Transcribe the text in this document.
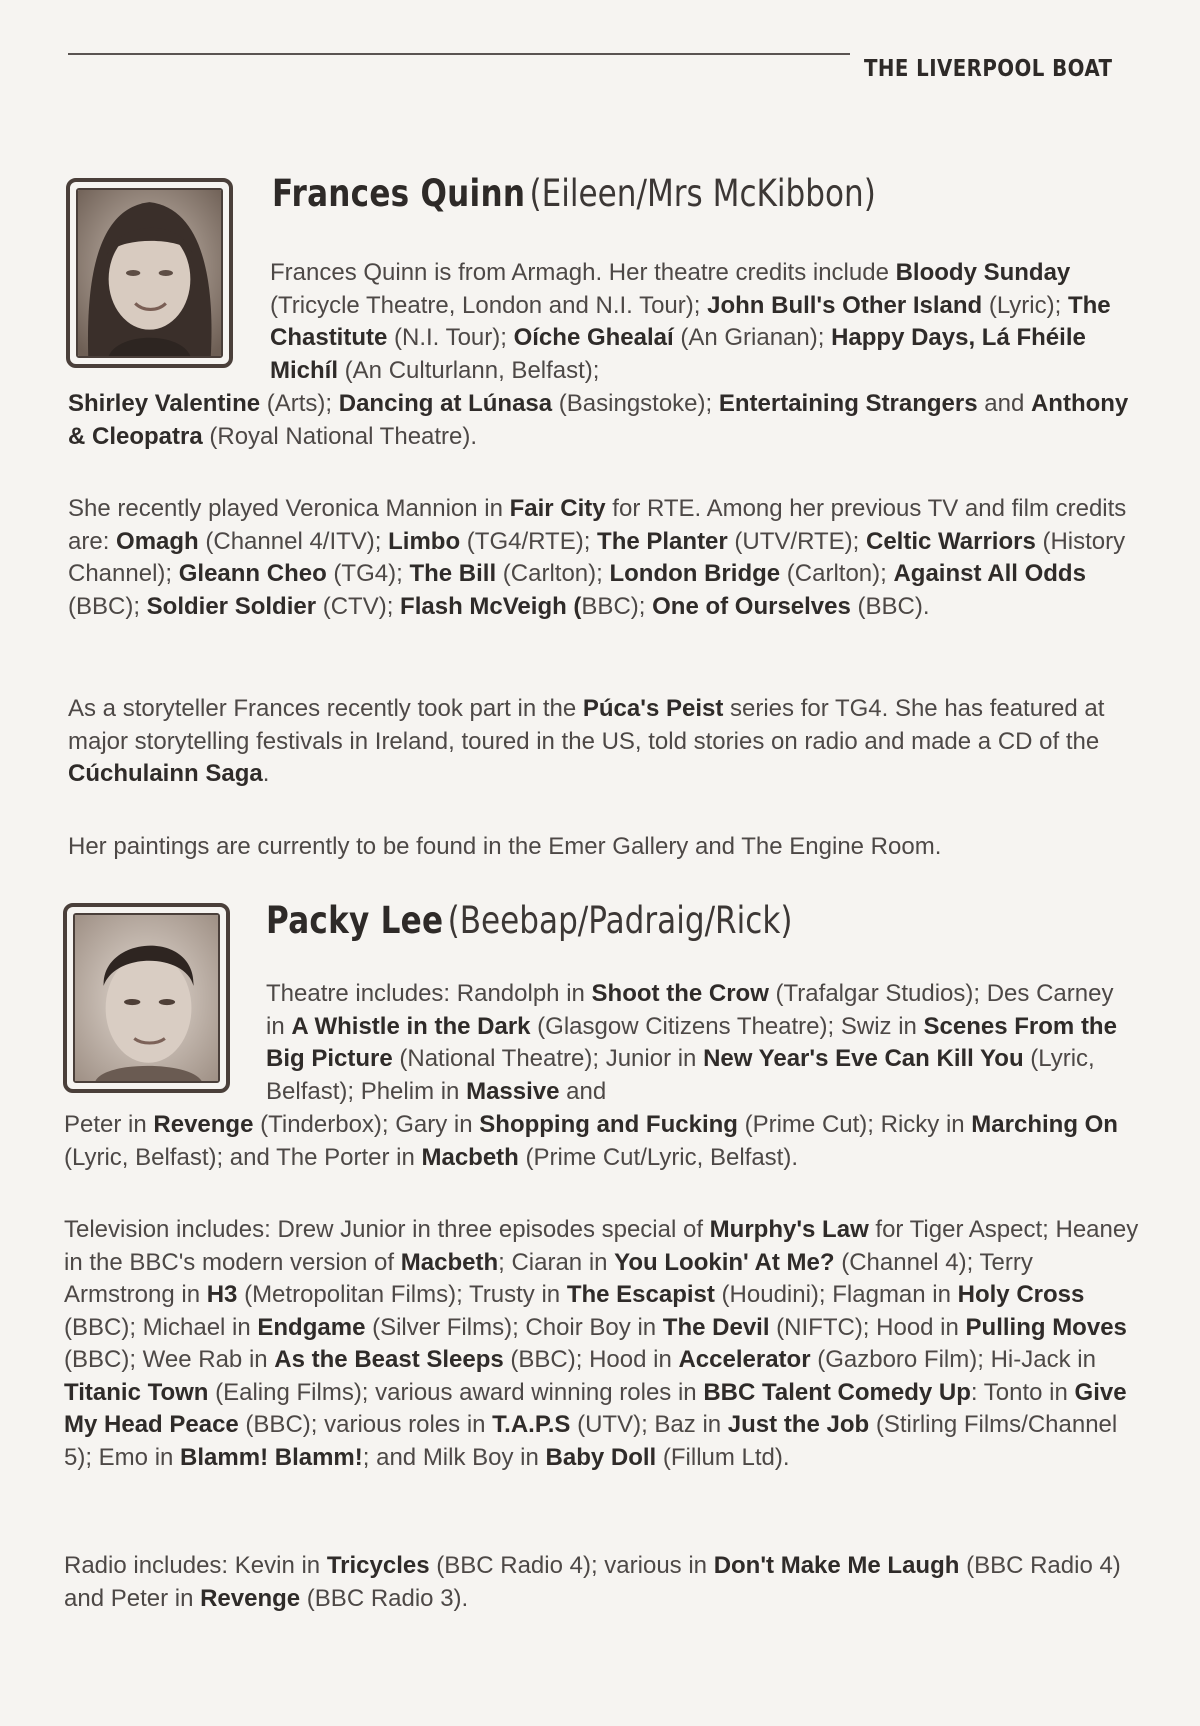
THE LIVERPOOL BOAT
Frances Quinn (Eileen/Mrs McKibbon)

Frances Quinn is from Armagh. Her theatre credits include Bloody Sunday (Tricycle Theatre, London and N.I. Tour); John Bull's Other Island (Lyric); The Chastitute (N.I. Tour); Oíche Ghealaí (An Grianan); Happy Days, Lá Fhéile Michíl (An Culturlann, Belfast);

Shirley Valentine (Arts); Dancing at Lúnasa (Basingstoke); Entertaining Strangers and Anthony & Cleopatra (Royal National Theatre).

She recently played Veronica Mannion in Fair City for RTE. Among her previous TV and film credits are: Omagh (Channel 4/ITV); Limbo (TG4/RTE); The Planter (UTV/RTE); Celtic Warriors (History Channel); Gleann Cheo (TG4); The Bill (Carlton); London Bridge (Carlton); Against All Odds (BBC); Soldier Soldier (CTV); Flash McVeigh (BBC); One of Ourselves (BBC).

As a storyteller Frances recently took part in the Púca's Peist series for TG4. She has featured at major storytelling festivals in Ireland, toured in the US, told stories on radio and made a CD of the Cúchulainn Saga.

Her paintings are currently to be found in the Emer Gallery and The Engine Room.

Packy Lee (Beebap/Padraig/Rick)

Theatre includes: Randolph in Shoot the Crow (Trafalgar Studios); Des Carney in A Whistle in the Dark (Glasgow Citizens Theatre); Swiz in Scenes From the Big Picture (National Theatre); Junior in New Year's Eve Can Kill You (Lyric, Belfast); Phelim in Massive and

Peter in Revenge (Tinderbox); Gary in Shopping and Fucking (Prime Cut); Ricky in Marching On (Lyric, Belfast); and The Porter in Macbeth (Prime Cut/Lyric, Belfast).

Television includes: Drew Junior in three episodes special of Murphy's Law for Tiger Aspect; Heaney in the BBC's modern version of Macbeth; Ciaran in You Lookin' At Me? (Channel 4); Terry Armstrong in H3 (Metropolitan Films); Trusty in The Escapist (Houdini); Flagman in Holy Cross (BBC); Michael in Endgame (Silver Films); Choir Boy in The Devil (NIFTC); Hood in Pulling Moves (BBC); Wee Rab in As the Beast Sleeps (BBC); Hood in Accelerator (Gazboro Film); Hi-Jack in Titanic Town (Ealing Films); various award winning roles in BBC Talent Comedy Up: Tonto in Give My Head Peace (BBC); various roles in T.A.P.S (UTV); Baz in Just the Job (Stirling Films/Channel 5); Emo in Blamm! Blamm!; and Milk Boy in Baby Doll (Fillum Ltd).

Radio includes: Kevin in Tricycles (BBC Radio 4); various in Don't Make Me Laugh (BBC Radio 4) and Peter in Revenge (BBC Radio 3).
